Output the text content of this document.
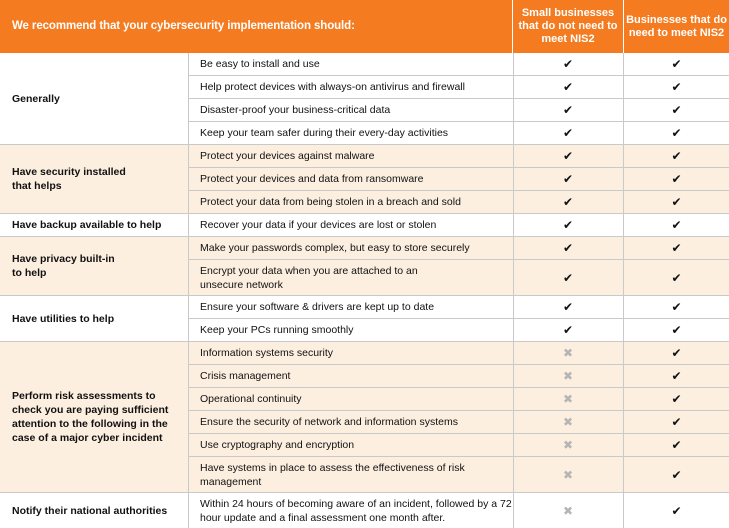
We recommend that your cybersecurity implementation should:
Small businesses that do not need to meet NIS2
Businesses that do need to meet NIS2
Generally
Be easy to install and use	✔	✔
Help protect devices with always-on antivirus and firewall	✔	✔
Disaster-proof your business-critical data	✔	✔
Keep your team safer during their every-day activities	✔	✔
Have security installed that helps
Protect your devices against malware	✔	✔
Protect your devices and data from ransomware	✔	✔
Protect your data from being stolen in a breach and sold	✔	✔
Have backup available to help	Recover your data if your devices are lost or stolen	✔	✔
Have privacy built-in to help
Make your passwords complex, but easy to store securely	✔	✔
Encrypt your data when you are attached to an unsecure network	✔	✔
Have utilities to help
Ensure your software & drivers are kept up to date	✔	✔
Keep your PCs running smoothly	✔	✔
Perform risk assessments to check you are paying sufficient attention to the following in the case of a major cyber incident
Information systems security	✖	✔
Crisis management	✖	✔
Operational continuity	✖	✔
Ensure the security of network and information systems	✖	✔
Use cryptography and encryption	✖	✔
Have systems in place to assess the effectiveness of risk management	✖	✔
Notify their national authorities
Within 24 hours of becoming aware of an incident, followed by a 72 hour update and a final assessment one month after.	✖	✔
